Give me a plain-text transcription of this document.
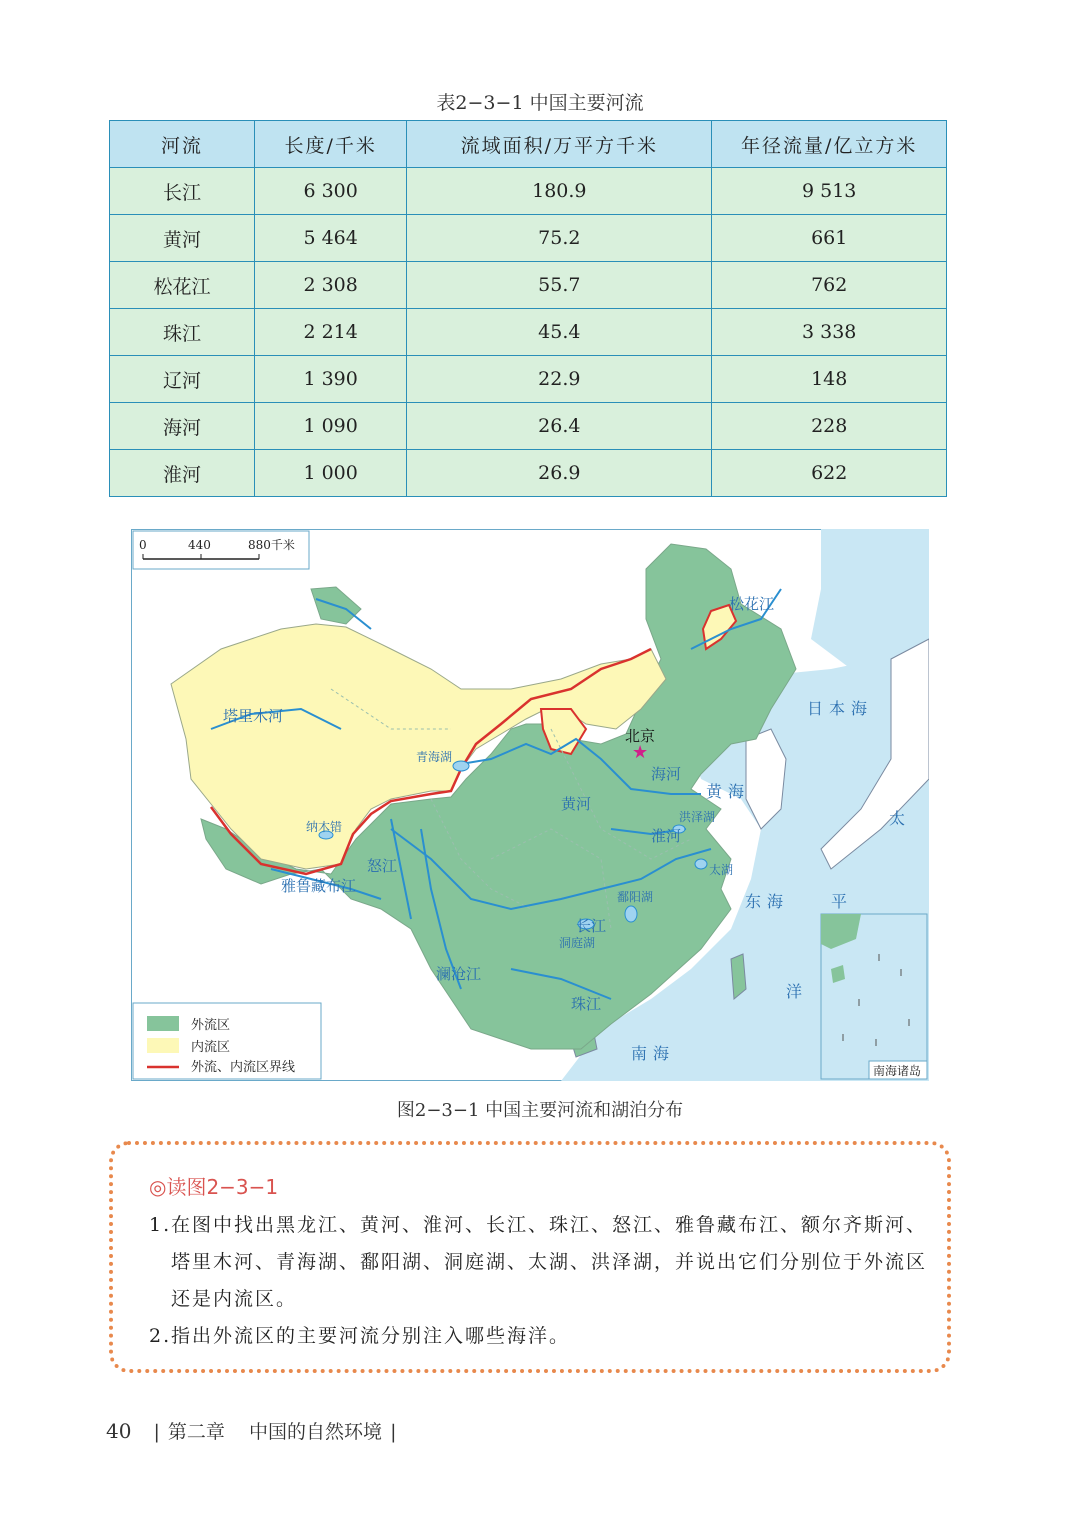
表2−3−1 中国主要河流
河流	长度/千米	流域面积/万平方千米	年径流量/亿立方米
长江	6 300	180.9	9 513
黄河	5 464	75.2	661
松花江	2 308	55.7	762
珠江	2 214	45.4	3 338
辽河	1 390	22.9	148
海河	1 090	26.4	228
淮河	1 000	26.9	622
塔里木河
黄河
长江
雅鲁藏布江
怒江
澜沧江
松花江
淮河
海河
珠江
青海湖
纳木错
洞庭湖
鄱阳湖
太湖
洪泽湖
日本海
黄海
东海
南海
太
平
洋
★
北京
0	440	880千米
外流区
内流区
外流、内流区界线	南海诸岛
图2−3−1 中国主要河流和湖泊分布
◎读图2−3−1
1. 在图中找出黑龙江、黄河、淮河、长江、珠江、怒江、雅鲁藏布江、额尔齐斯河、塔里木河、青海湖、鄱阳湖、洞庭湖、太湖、洪泽湖，并说出它们分别位于外流区还是内流区。
2. 指出外流区的主要河流分别注入哪些海洋。
40 | 第二章 中国的自然环境 |
